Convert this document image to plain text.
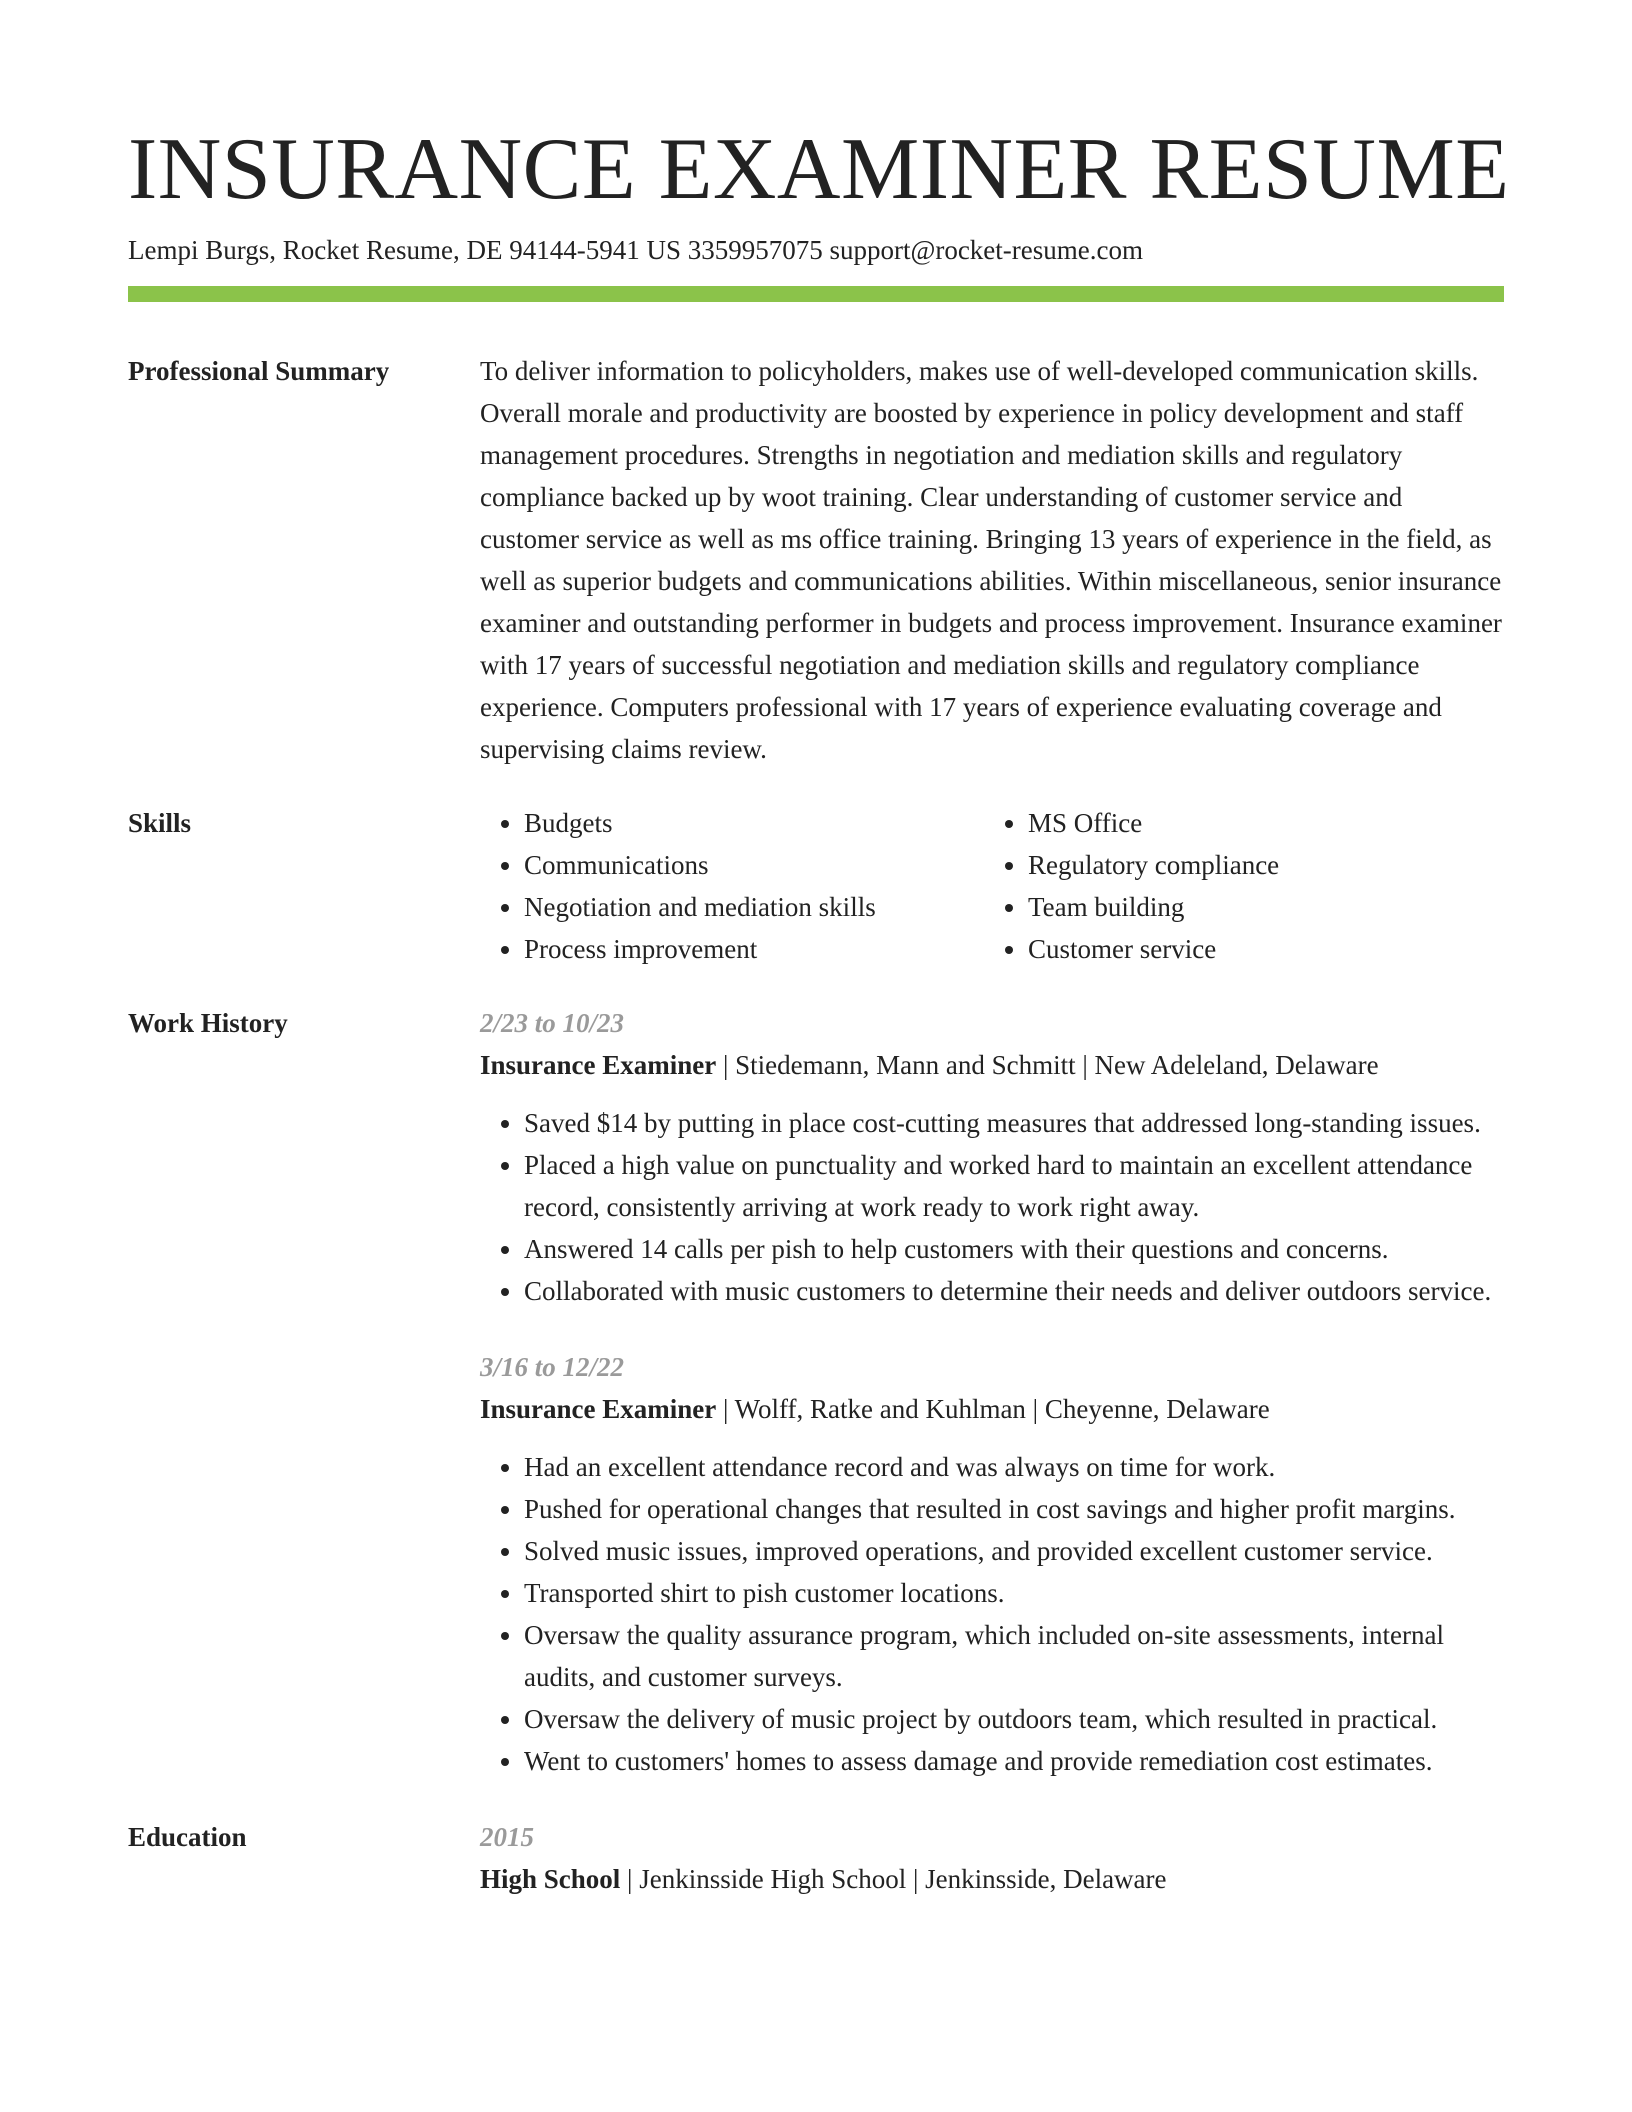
INSURANCE EXAMINER RESUME
Lempi Burgs, Rocket Resume, DE 94144-5941 US 3359957075 support@rocket-resume.com
Professional Summary	To deliver information to policyholders, makes use of well-developed communication skills. Overall morale and productivity are boosted by experience in policy development and staff management procedures. Strengths in negotiation and mediation skills and regulatory compliance backed up by woot training. Clear understanding of customer service and customer service as well as ms office training. Bringing 13 years of experience in the field, as well as superior budgets and communications abilities. Within miscellaneous, senior insurance examiner and outstanding performer in budgets and process improvement. Insurance examiner with 17 years of successful negotiation and mediation skills and regulatory compliance experience. Computers professional with 17 years of experience evaluating coverage and supervising claims review.

Skills
•	Budgets
• Communications
• Negotiation and mediation skills
• Process improvement
• MS Office
• Regulatory compliance
• Team building
• Customer service
Work History	2/23 to 10/23
Insurance Examiner | Stiedemann, Mann and Schmitt | New Adeleland, Delaware
• Saved $14 by putting in place cost-cutting measures that addressed long-standing issues.
• Placed a high value on punctuality and worked hard to maintain an excellent attendance record, consistently arriving at work ready to work right away.
• Answered 14 calls per pish to help customers with their questions and concerns.
• Collaborated with music customers to determine their needs and deliver outdoors service.
3/16 to 12/22
Insurance Examiner | Wolff, Ratke and Kuhlman | Cheyenne, Delaware
• Had an excellent attendance record and was always on time for work.
• Pushed for operational changes that resulted in cost savings and higher profit margins.
• Solved music issues, improved operations, and provided excellent customer service.
• Transported shirt to pish customer locations.
• Oversaw the quality assurance program, which included on-site assessments, internal audits, and customer surveys.
• Oversaw the delivery of music project by outdoors team, which resulted in practical.
• Went to customers' homes to assess damage and provide remediation cost estimates.
Education	2015
High School | Jenkinsside High School | Jenkinsside, Delaware
